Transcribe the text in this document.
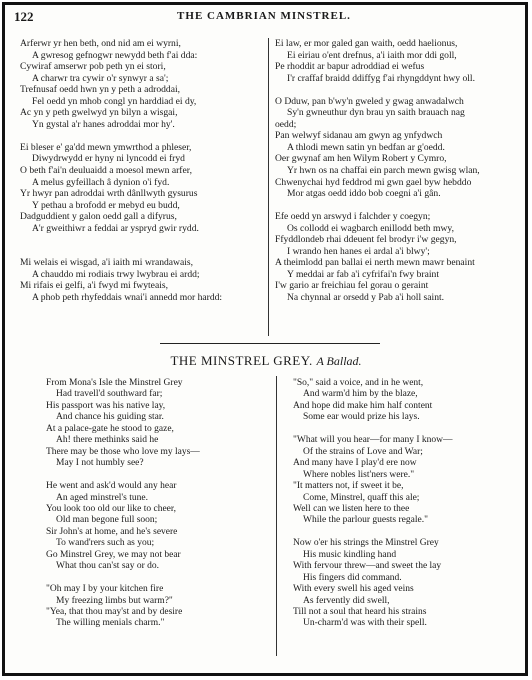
122	THE CAMBRIAN MINSTREL.
Arferwr yr hen beth, ond nid am ei wyrni,
A gwresog gefnogwr newydd beth f'ai dda:
Cywiraf amserwr pob peth yn ei stori,
A charwr tra cywir o'r synwyr a sa';
Trefnusaf oedd hwn yn y peth a adroddai,
Fel oedd yn mhob congl yn harddiad ei dy,
Ac yn y peth gwelwyd yn bilyn a wisgai,
Yn gystal a'r hanes adroddai mor hy'.
Ei bleser e' ga'dd mewn ymwrthod a phleser,
Diwydrwydd er hyny ni lyncodd ei fryd
O beth f'ai'n deuluaidd a moesol mewn arfer,
A melus gyfeillach â dynion o'i fyd.
Yr hwyr pan adroddai wrth dânllwyth gysurus
Y pethau a brofodd er mebyd eu budd,
Dadguddient y galon oedd gall a difyrus,
A'r gweithiwr a feddai ar yspryd gwir rydd.
Mi welais ei wisgad, a'i iaith mi wrandawais,
A chauddo mi rodiais trwy lwybrau ei ardd;
Mi rifais ei gelfi, a'i fwyd mi fwyteais,
A phob peth rhyfeddais wnai'i annedd mor hardd:
Ei law, er mor galed gan waith, oedd haelionus,
Ei eiriau o'ent drefnus, a'i iaith mor ddi goll,
Pe rhoddit ar bapur adroddiad ei wefus
I'r craffaf braidd ddiffyg f'ai rhyngddynt hwy oll.
O Dduw, pan b'wy'n gweled y gwag anwadalwch
Sy'n gwneuthur dyn brau yn saith brauach nag
oedd;
Pan welwyf sidanau am gwyn ag ynfydwch
A thlodi mewn satin yn bedfan ar g'oedd.
Oer gwynaf am hen Wilym Robert y Cymro,
Yr hwn os na chaffai ein parch mewn gwisg wlan,
Chwenychai hyd feddrod mi gwn gael byw hebddo
Mor atgas oedd iddo bob coegni a'i gân.
Efe oedd yn arswyd i falchder y coegyn;
Os collodd ei wagbarch enillodd beth mwy,
Ffyddlondeb rhai ddeuent fel brodyr i'w gegyn,
I wrando hen hanes ei ardal a'i blwy';
A theimlodd pan ballai ei nerth mewn mawr benaint
Y meddai ar fab a'i cyfrifai'n fwy braint
I'w gario ar freichiau fel gorau o geraint
Na chynnal ar orsedd y Pab a'i holl saint.
THE MINSTREL GREY. A Ballad.
From Mona's Isle the Minstrel Grey
Had travell'd southward far;
His passport was his native lay,
And chance his guiding star.
At a palace-gate he stood to gaze,
Ah! there methinks said he
There may be those who love my lays—
May I not humbly see?
He went and ask'd would any hear
An aged minstrel's tune.
You look too old our like to cheer,
Old man begone full soon;
Sir John's at home, and he's severe
To wand'rers such as you;
Go Minstrel Grey, we may not bear
What thou can'st say or do.
"Oh may I by your kitchen fire
My freezing limbs but warm?"
"Yea, that thou may'st and by desire
The willing menials charm."
"So," said a voice, and in he went,
And warm'd him by the blaze,
And hope did make him half content
Some ear would prize his lays.
"What will you hear—for many I know—
Of the strains of Love and War;
And many have I play'd ere now
Where nobles list'ners were."
"It matters not, if sweet it be,
Come, Minstrel, quaff this ale;
Well can we listen here to thee
While the parlour guests regale."
Now o'er his strings the Minstrel Grey
His music kindling hand
With fervour threw—and sweet the lay
His fingers did command.
With every swell his aged veins
As fervently did swell,
Till not a soul that heard his strains
Un-charm'd was with their spell.
